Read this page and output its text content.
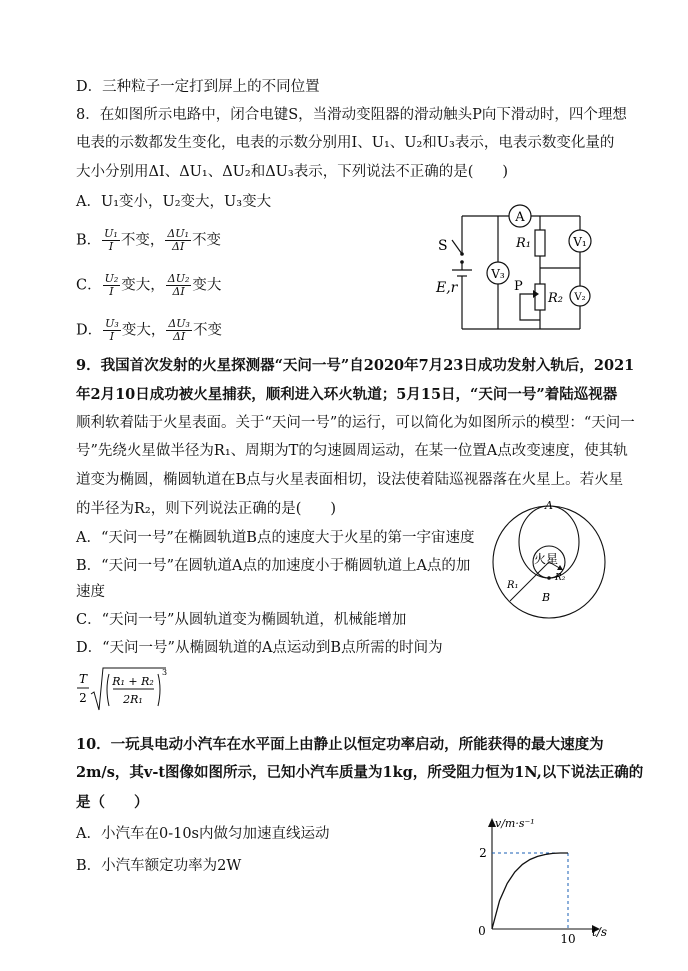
D．三种粒子一定打到屏上的不同位置
8．在如图所示电路中，闭合电键S，当滑动变阻器的滑动触头P向下滑动时，四个理想
电表的示数都发生变化，电表的示数分别用I、U₁、U₂和U₃表示，电表示数变化量的
大小分别用ΔI、ΔU₁、ΔU₂和ΔU₃表示，下列说法不正确的是(　　)
A．U₁变小，U₂变大，U₃变大
B． $\frac{\text{U₁}}{I}$ 不变， $\frac{\text{ΔU₁}}{\Delta I}$ 不变
C． $\frac{\text{U₂}}{I}$ 变大， $\frac{\text{ΔU₂}}{\Delta I}$ 变大
D． $\frac{\text{U₃}}{I}$ 变大， $\frac{\text{ΔU₃}}{\Delta I}$ 不变
A
V₁
V₃
V₂
R₁
R₂
P
S
E,r
9．我国首次发射的火星探测器“天问一号”自2020年7月23日成功发射入轨后，2021
年2月10日成功被火星捕获，顺利进入环火轨道；5月15日，“天问一号”着陆巡视器
顺利软着陆于火星表面。关于“天问一号”的运行，可以简化为如图所示的模型：“天问一
号”先绕火星做半径为R₁、周期为T的匀速圆周运动，在某一位置A点改变速度，使其轨
道变为椭圆，椭圆轨道在B点与火星表面相切，设法使着陆巡视器落在火星上。若火星
的半径为R₂，则下列说法正确的是(　　)
A．“天问一号”在椭圆轨道B点的速度大于火星的第一宇宙速度
B．“天问一号”在圆轨道A点的加速度小于椭圆轨道上A点的加
速度
C．“天问一号”从圆轨道变为椭圆轨道，机械能增加
D．“天问一号”从椭圆轨道的A点运动到B点所需的时间为
T
2
R₁ + R₂
2R₁
3
A
B
火星
R₁
R₂
10．一玩具电动小汽车在水平面上由静止以恒定功率启动，所能获得的最大速度为
2m/s，其v-t图像如图所示，已知小汽车质量为1kg，所受阻力恒为1N,以下说法正确的
是（　　）
A．小汽车在0-10s内做匀加速直线运动
B．小汽车额定功率为2W
0
10
2
v/m·s⁻¹
t/s
